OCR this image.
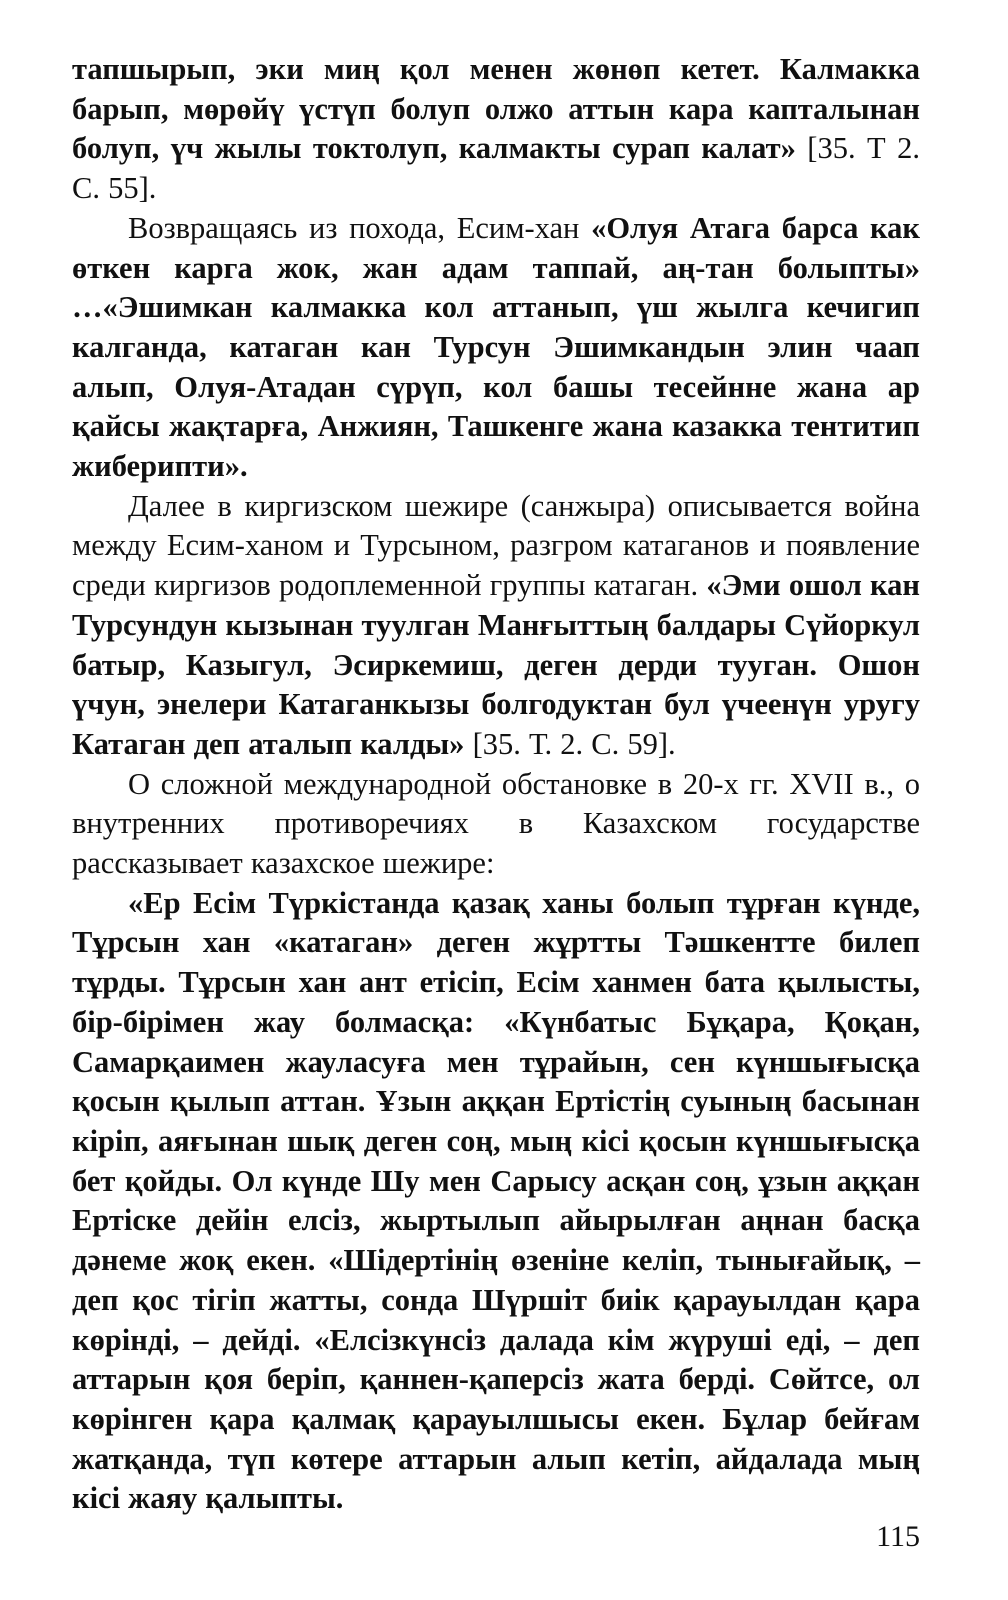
тапшырып, эки миң қол менен жөнөп кетет. Калмакка барып, мөрөйү үстүп болуп олжо аттын кара капталынан болуп, үч жылы токтолуп, калмакты сурап калат» [35. Т 2. С. 55].

Возвращаясь из похода, Есим-хан «Олуя Атага барса как өткен карга жок, жан адам таппай, аң-тан болыпты» …«Эшимкан калмакка кол аттанып, үш жылга кечигип калганда, катаган кан Турсун Эшимкандын элин чаап алып, Олуя-Атадан сүрүп, кол башы тесейнне жана ар қайсы жақтарға, Анжиян, Ташкенге жана казакка тентитип жиберипти».

Далее в киргизском шежире (санжыра) описывается война между Есим-ханом и Турсыном, разгром катаганов и появление среди киргизов родоплеменной группы катаган. «Эми ошол кан Турсундун кызынан туулган Манғыттың балдары Сүйоркул батыр, Казыгул, Эсиркемиш, деген дерди тууган. Ошон үчун, энелери Катаганкызы болгодуктан бул үчеенүн уругу Катаган деп аталып калды» [35. Т. 2. С. 59].

О сложной международной обстановке в 20-х гг. XVII в., о внутренних противоречиях в Казахском государстве рассказывает казахское шежире:

«Ер Есім Түркістанда қазақ ханы болып тұрған күнде, Тұрсын хан «катаган» деген жұртты Тәшкентте билеп тұрды. Тұрсын хан ант етісіп, Есім ханмен бата қылысты, бір-бірімен жау болмасқа: «Күнбатыс Бұқара, Қоқан, Самарқаимен жауласуға мен тұрайын, сен күншығысқа қосын қылып аттан. Ұзын аққан Ертістің суының басынан кіріп, аяғынан шық деген соң, мың кісі қосын күншығысқа бет қойды. Ол күнде Шу мен Сарысу асқан соң, ұзын аққан Ертіске дейін елсіз, жыртылып айырылған аңнан басқа дәнеме жоқ екен. «Шідертінің өзеніне келіп, тынығайық, – деп қос тігіп жатты, сонда Шүршіт биік қарауылдан қара көрінді, – дейді. «Елсізкүнсіз далада кім жүруші еді, – деп аттарын қоя беріп, қаннен-қаперсіз жата берді. Сөйтсе, ол көрінген қара қалмақ қарауылшысы екен. Бұлар бейғам жатқанда, түп көтере аттарын алып кетіп, айдалада мың кісі жаяу қалыпты.

115
